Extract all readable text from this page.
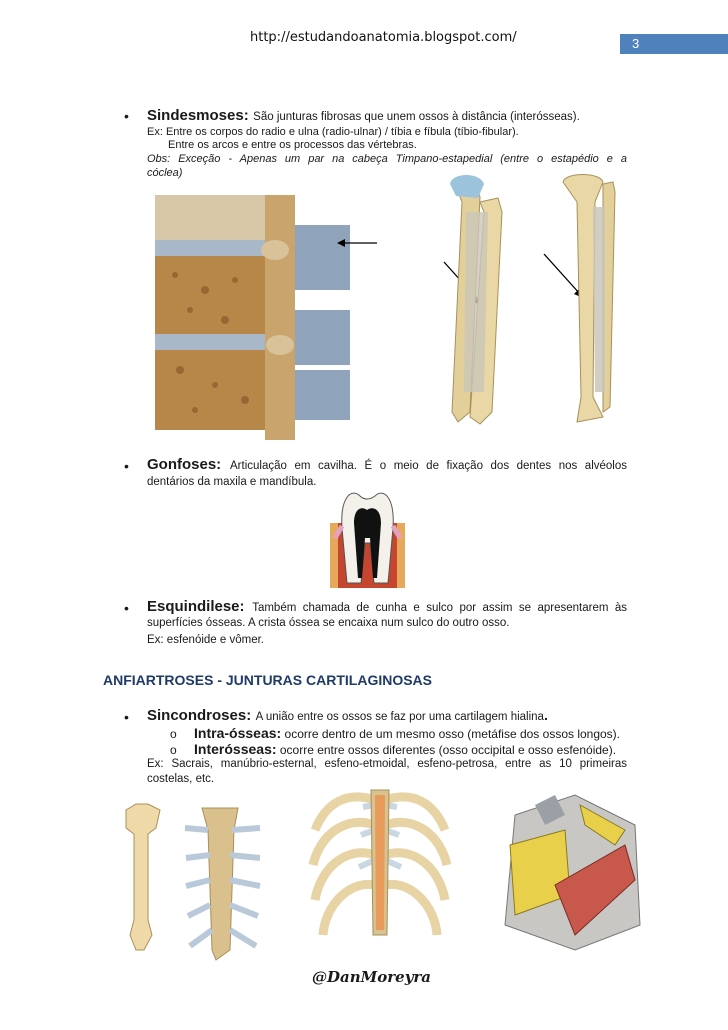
http://estudandoanatomia.blogspot.com/	3
• Sindesmoses: São junturas fibrosas que unem ossos à distância (interósseas).
Ex: Entre os corpos do radio e ulna (radio-ulnar) / tíbia e fíbula (tíbio-fibular).
Entre os arcos e entre os processos das vértebras.
Obs: Exceção - Apenas um par na cabeça Timpano-estapedial (entre o estapédio e a
cóclea)
• Gonfoses: Articulação em cavilha. É o meio de fixação dos dentes nos alvéolos
dentários da maxila e mandíbula.
• Esquindilese: Também chamada de cunha e sulco por assim se apresentarem às
superfícies ósseas. A crista óssea se encaixa num sulco do outro osso.
Ex: esfenóide e vômer.
ANFIARTROSES - JUNTURAS CARTILAGINOSAS
• Sincondroses: A união entre os ossos se faz por uma cartilagem hialina.
o Intra-ósseas: ocorre dentro de um mesmo osso (metáfise dos ossos longos).
o Interósseas: ocorre entre ossos diferentes (osso occipital e osso esfenóide).
Ex: Sacrais, manúbrio-esternal, esfeno-etmoidal, esfeno-petrosa, entre as 10 primeiras
costelas, etc.
@DanMoreyra
